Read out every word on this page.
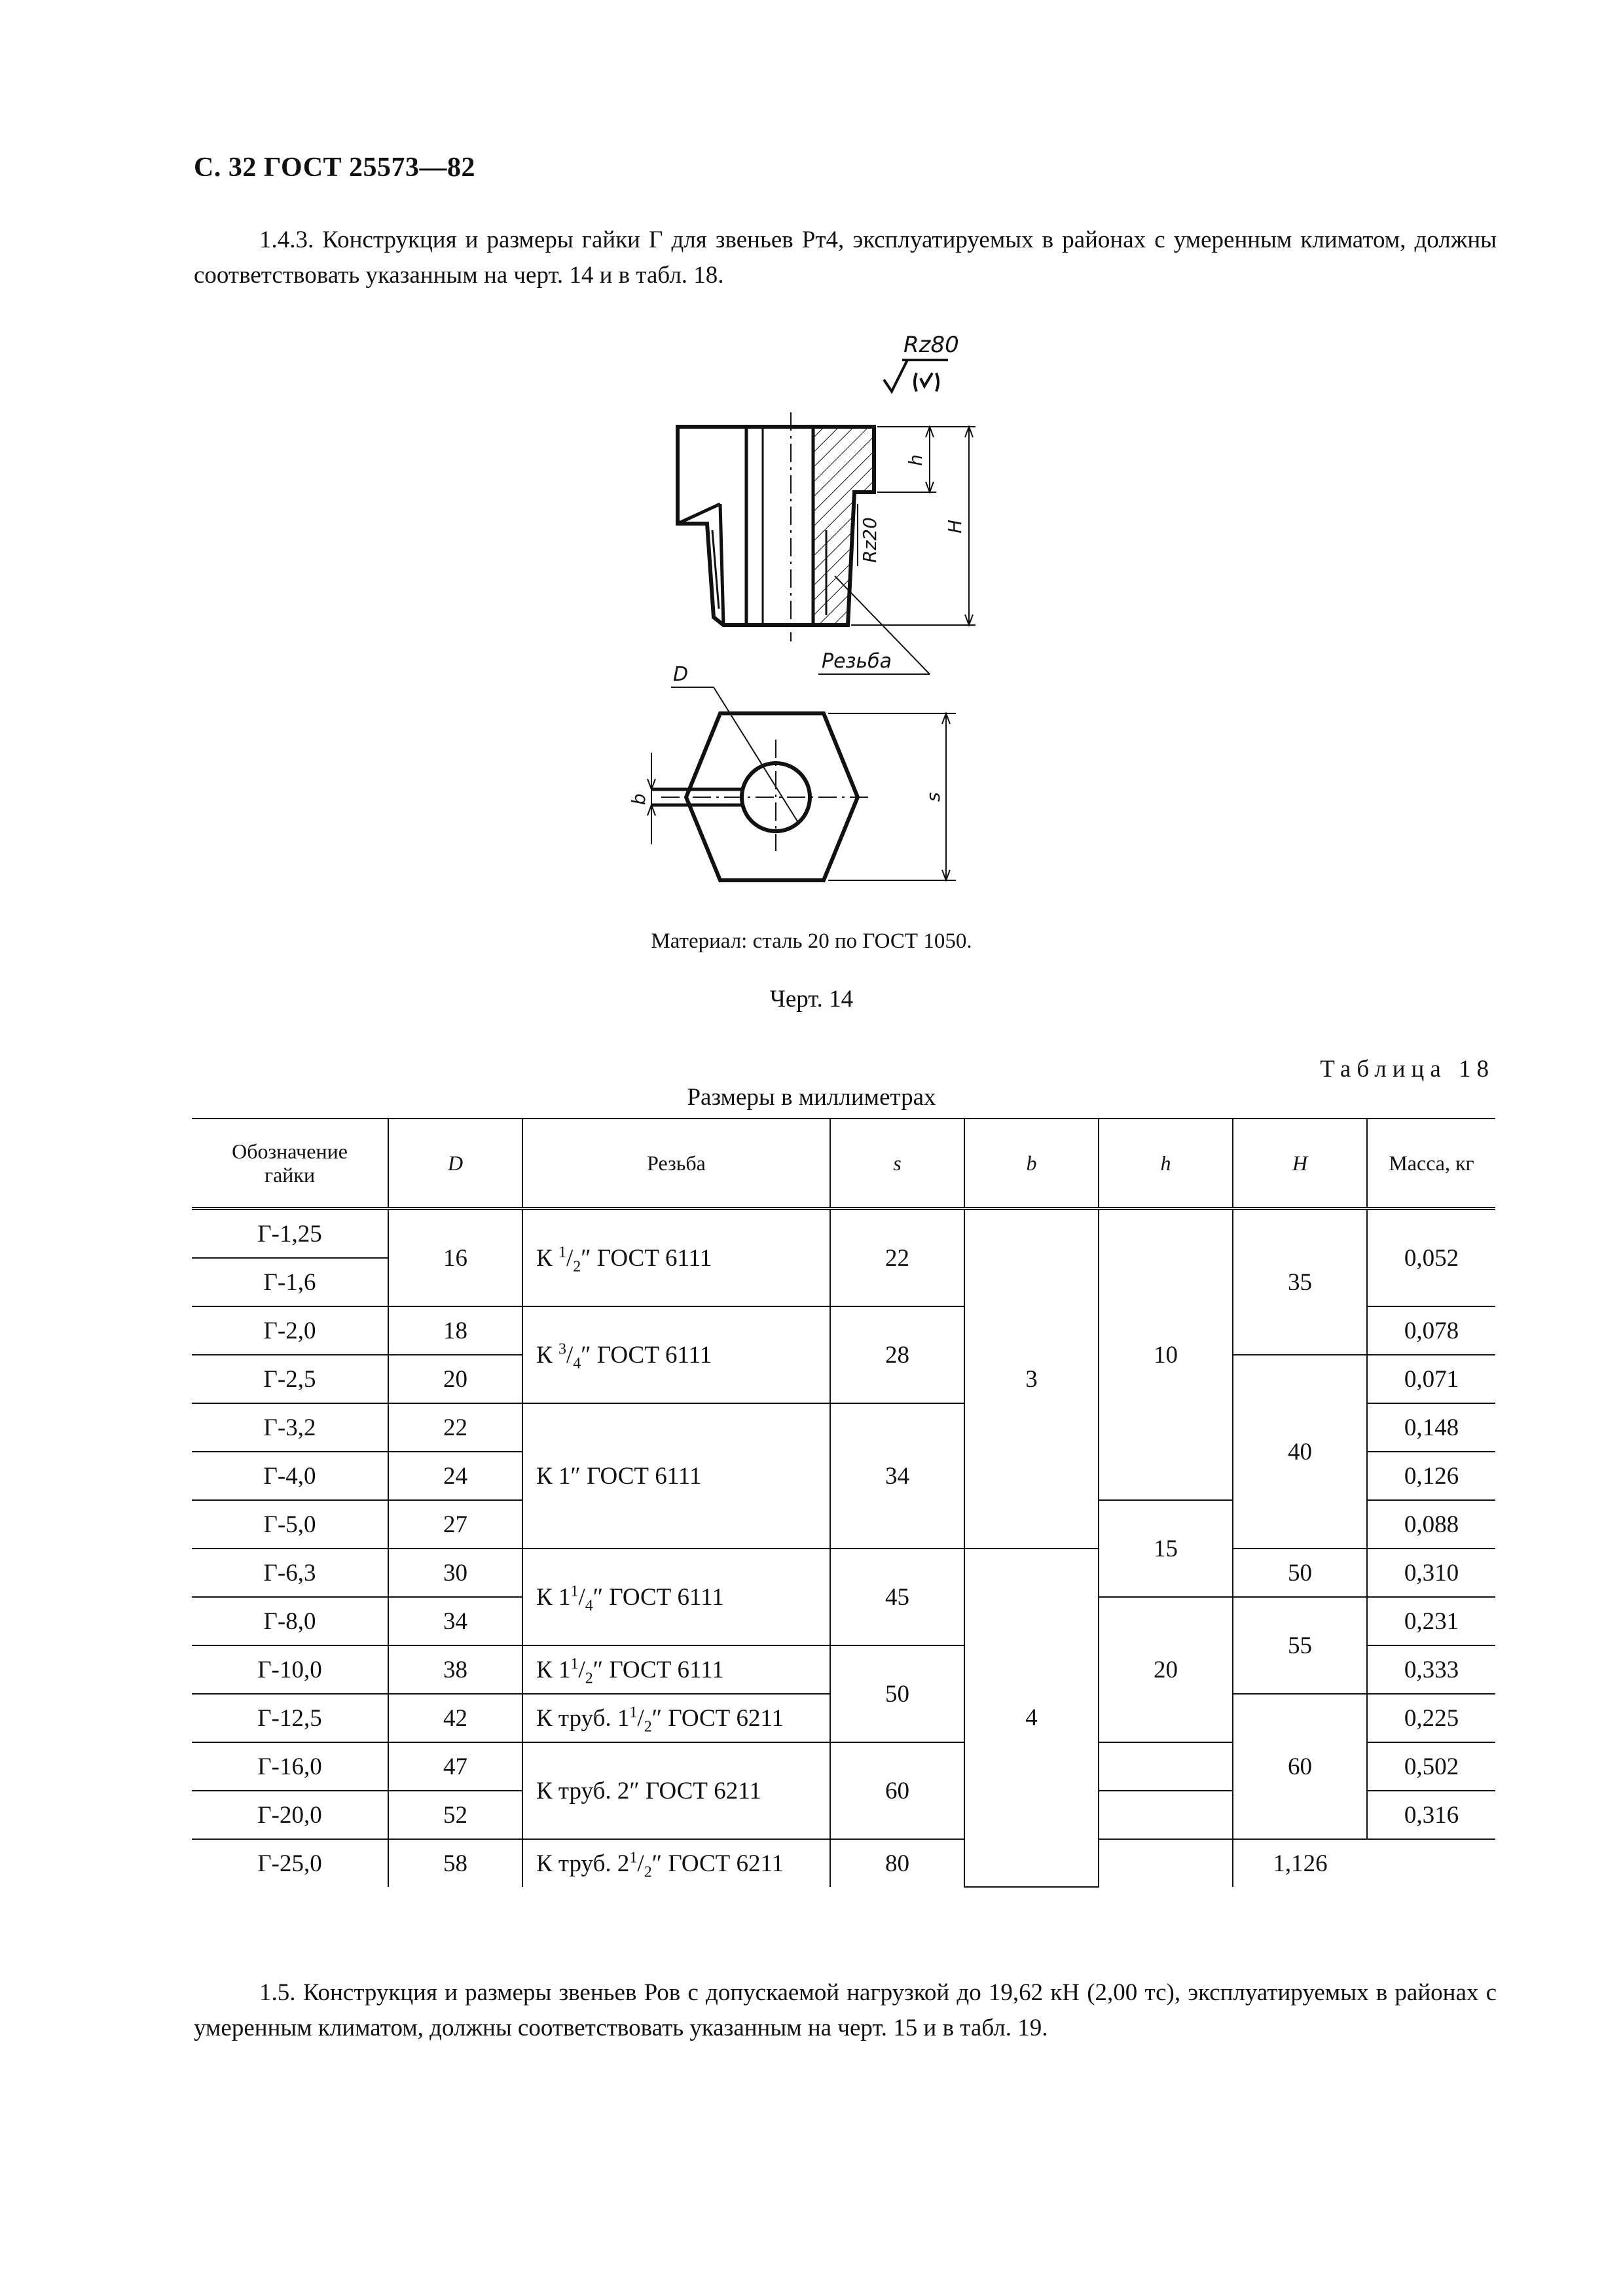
С. 32 ГОСТ 25573—82

1.4.3. Конструкция и размеры гайки Г для звеньев Рт4, эксплуатируемых в районах с умеренным климатом, должны соответствовать указанным на черт. 14 и в табл. 18.

Rz80
h
H
Rz20
Резьба
D
b	s
Материал: сталь 20 по ГОСТ 1050.
Черт. 14
Таблица 18
Размеры в миллиметрах
Обозначение
гайки	D	Резьба	s	b	h	H	Масса, кг
Г-1,25	16	К $^1/_2''$ ГОСТ 6111	22	3	10	35	0,052
Г-1,6							
Г-2,0	18	К $^3/_4''$ ГОСТ 6111	28				0,078
Г-2,5	20					40	0,071
Г-3,2	22	К 1″ ГОСТ 6111	34				0,148
Г-4,0	24						0,126
Г-5,0	27				15		0,088
Г-6,3	30	К $1^1/_4''$ ГОСТ 6111	45	4		50	0,310
Г-8,0	34				20	55	0,231
Г-10,0	38	К $1^1/_2''$ ГОСТ 6111	50				0,333
Г-12,5	42	К труб. $1^1/_2''$ ГОСТ 6211				60	0,225
Г-16,0	47	К труб. 2″ ГОСТ 6211	60				0,502
Г-20,0	52						0,316
Г-25,0	58	К труб. $2^1/_2''$ ГОСТ 6211	80			1,126	

1.5. Конструкция и размеры звеньев Ров с допускаемой нагрузкой до 19,62 кН (2,00 тс), эксплуатируемых в районах с умеренным климатом, должны соответствовать указанным на черт. 15 и в табл. 19.
